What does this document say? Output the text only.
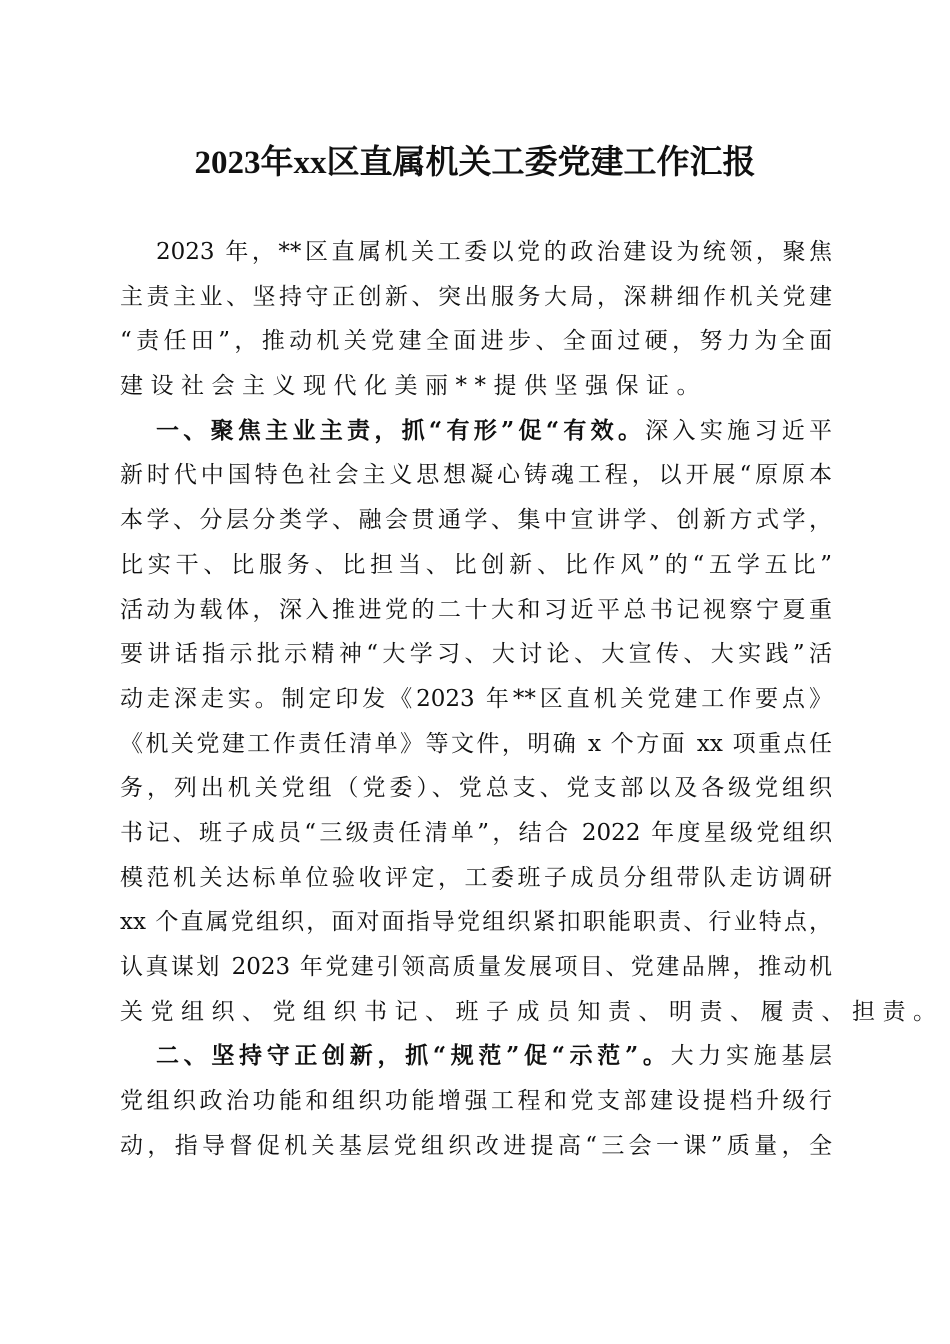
2023年xx区直属机关工委党建工作汇报
2023 年，**区直属机关工委以党的政治建设为统领，聚焦
主责主业、坚持守正创新、突出服务大局，深耕细作机关党建
“责任田”，推动机关党建全面进步、全面过硬，努力为全面
建设社会主义现代化美丽**提供坚强保证。
一、聚焦主业主责，抓“有形”促“有效。深入实施习近平
新时代中国特色社会主义思想凝心铸魂工程，以开展“原原本
本学、分层分类学、融会贯通学、集中宣讲学、创新方式学，
比实干、比服务、比担当、比创新、比作风”的“五学五比”
活动为载体，深入推进党的二十大和习近平总书记视察宁夏重
要讲话指示批示精神“大学习、大讨论、大宣传、大实践”活
动走深走实。制定印发《2023 年**区直机关党建工作要点》
《机关党建工作责任清单》等文件，明确 x 个方面 xx 项重点任
务，列出机关党组（党委）、党总支、党支部以及各级党组织
书记、班子成员“三级责任清单”，结合 2022 年度星级党组织
模范机关达标单位验收评定，工委班子成员分组带队走访调研
xx 个直属党组织，面对面指导党组织紧扣职能职责、行业特点，
认真谋划 2023 年党建引领高质量发展项目、党建品牌，推动机
关党组织、党组织书记、班子成员知责、明责、履责、担责。
二、坚持守正创新，抓“规范”促“示范”。大力实施基层
党组织政治功能和组织功能增强工程和党支部建设提档升级行
动，指导督促机关基层党组织改进提高“三会一课”质量，全
